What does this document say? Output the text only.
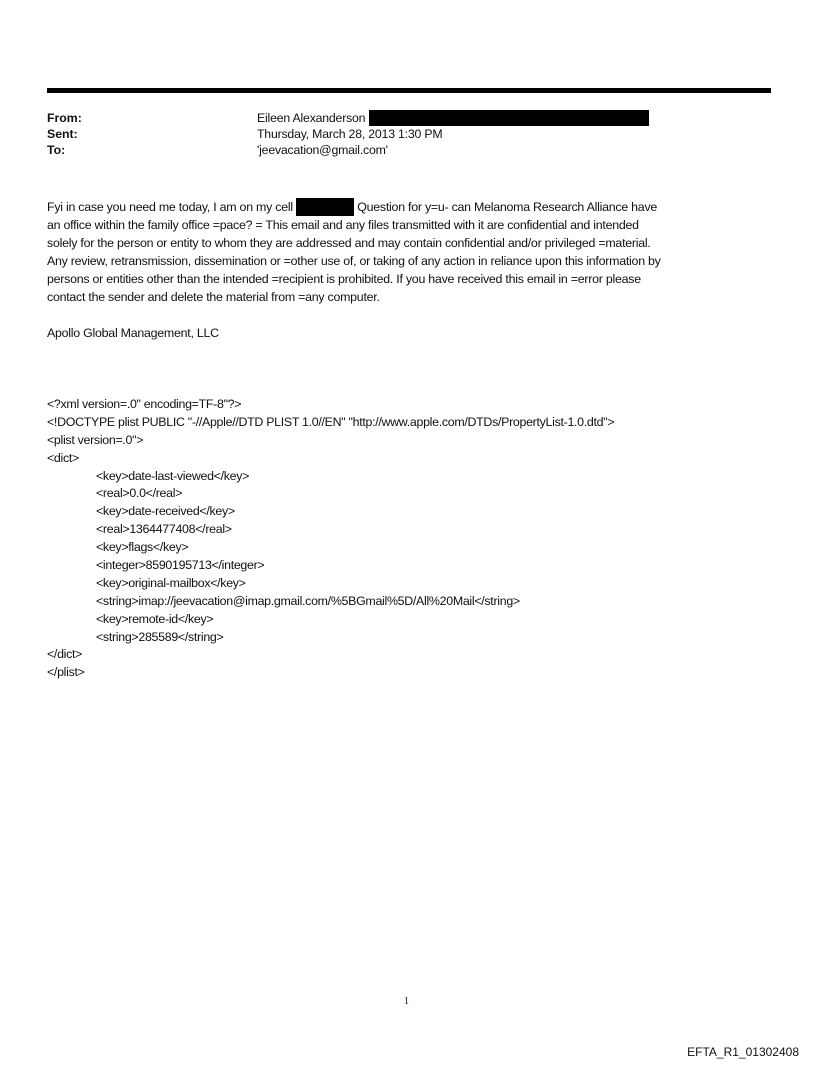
From:	Eileen Alexanderson
Sent:	Thursday, March 28, 2013 1:30 PM
To:	'jeevacation@gmail.com'
Fyi in case you need me today, I am on my cell	Question for y=u- can Melanoma Research Alliance have
an office within the family office =pace? = This email and any files transmitted with it are confidential and intended
solely for the person or entity to whom they are addressed and may contain confidential and/or privileged =material.
Any review, retransmission, dissemination or =other use of, or taking of any action in reliance upon this information by
persons or entities other than the intended =recipient is prohibited. If you have received this email in =error please
contact the sender and delete the material from =any computer.
Apollo Global Management, LLC
<?xml version=.0" encoding=TF-8"?>
<!DOCTYPE plist PUBLIC "-//Apple//DTD PLIST 1.0//EN" "http://www.apple.com/DTDs/PropertyList-1.0.dtd">
<plist version=.0">
<dict>
<key>date-last-viewed</key>
<real>0.0</real>
<key>date-received</key>
<real>1364477408</real>
<key>flags</key>
<integer>8590195713</integer>
<key>original-mailbox</key>
<string>imap://jeevacation@imap.gmail.com/%5BGmail%5D/All%20Mail</string>
<key>remote-id</key>
<string>285589</string>
</dict>
</plist>
1
EFTA_R1_01302408
